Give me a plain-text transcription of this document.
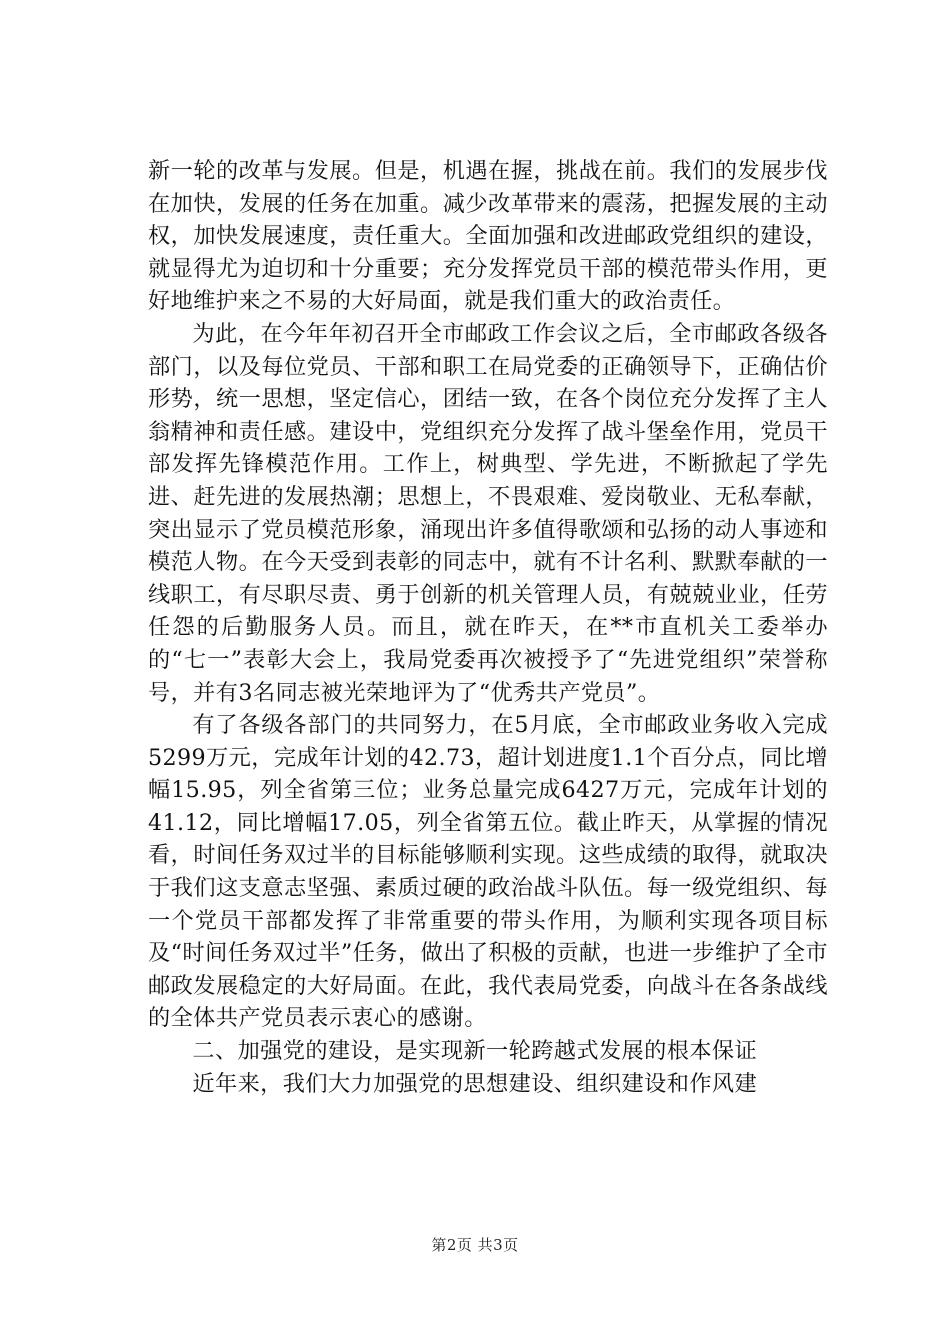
新一轮的改革与发展。但是，机遇在握，挑战在前。我们的发展步伐在加快，发展的任务在加重。减少改革带来的震荡，把握发展的主动权，加快发展速度，责任重大。全面加强和改进邮政党组织的建设，就显得尤为迫切和十分重要；充分发挥党员干部的模范带头作用，更好地维护来之不易的大好局面，就是我们重大的政治责任。

为此，在今年年初召开全市邮政工作会议之后，全市邮政各级各部门，以及每位党员、干部和职工在局党委的正确领导下，正确估价形势，统一思想，坚定信心，团结一致，在各个岗位充分发挥了主人翁精神和责任感。建设中，党组织充分发挥了战斗堡垒作用，党员干部发挥先锋模范作用。工作上，树典型、学先进，不断掀起了学先进、赶先进的发展热潮；思想上，不畏艰难、爱岗敬业、无私奉献，突出显示了党员模范形象，涌现出许多值得歌颂和弘扬的动人事迹和模范人物。在今天受到表彰的同志中，就有不计名利、默默奉献的一线职工，有尽职尽责、勇于创新的机关管理人员，有兢兢业业，任劳任怨的后勤服务人员。而且，就在昨天，在**市直机关工委举办的“七一”表彰大会上，我局党委再次被授予了“先进党组织”荣誉称号，并有3名同志被光荣地评为了“优秀共产党员”。

有了各级各部门的共同努力，在5月底，全市邮政业务收入完成5299万元，完成年计划的42.73，超计划进度1.1个百分点，同比增幅15.95，列全省第三位；业务总量完成6427万元，完成年计划的41.12，同比增幅17.05，列全省第五位。截止昨天，从掌握的情况看，时间任务双过半的目标能够顺利实现。这些成绩的取得，就取决于我们这支意志坚强、素质过硬的政治战斗队伍。每一级党组织、每一个党员干部都发挥了非常重要的带头作用，为顺利实现各项目标及“时间任务双过半”任务，做出了积极的贡献，也进一步维护了全市邮政发展稳定的大好局面。在此，我代表局党委，向战斗在各条战线的全体共产党员表示衷心的感谢。

二、加强党的建设，是实现新一轮跨越式发展的根本保证

近年来，我们大力加强党的思想建设、组织建设和作风建

第2页 共3页
